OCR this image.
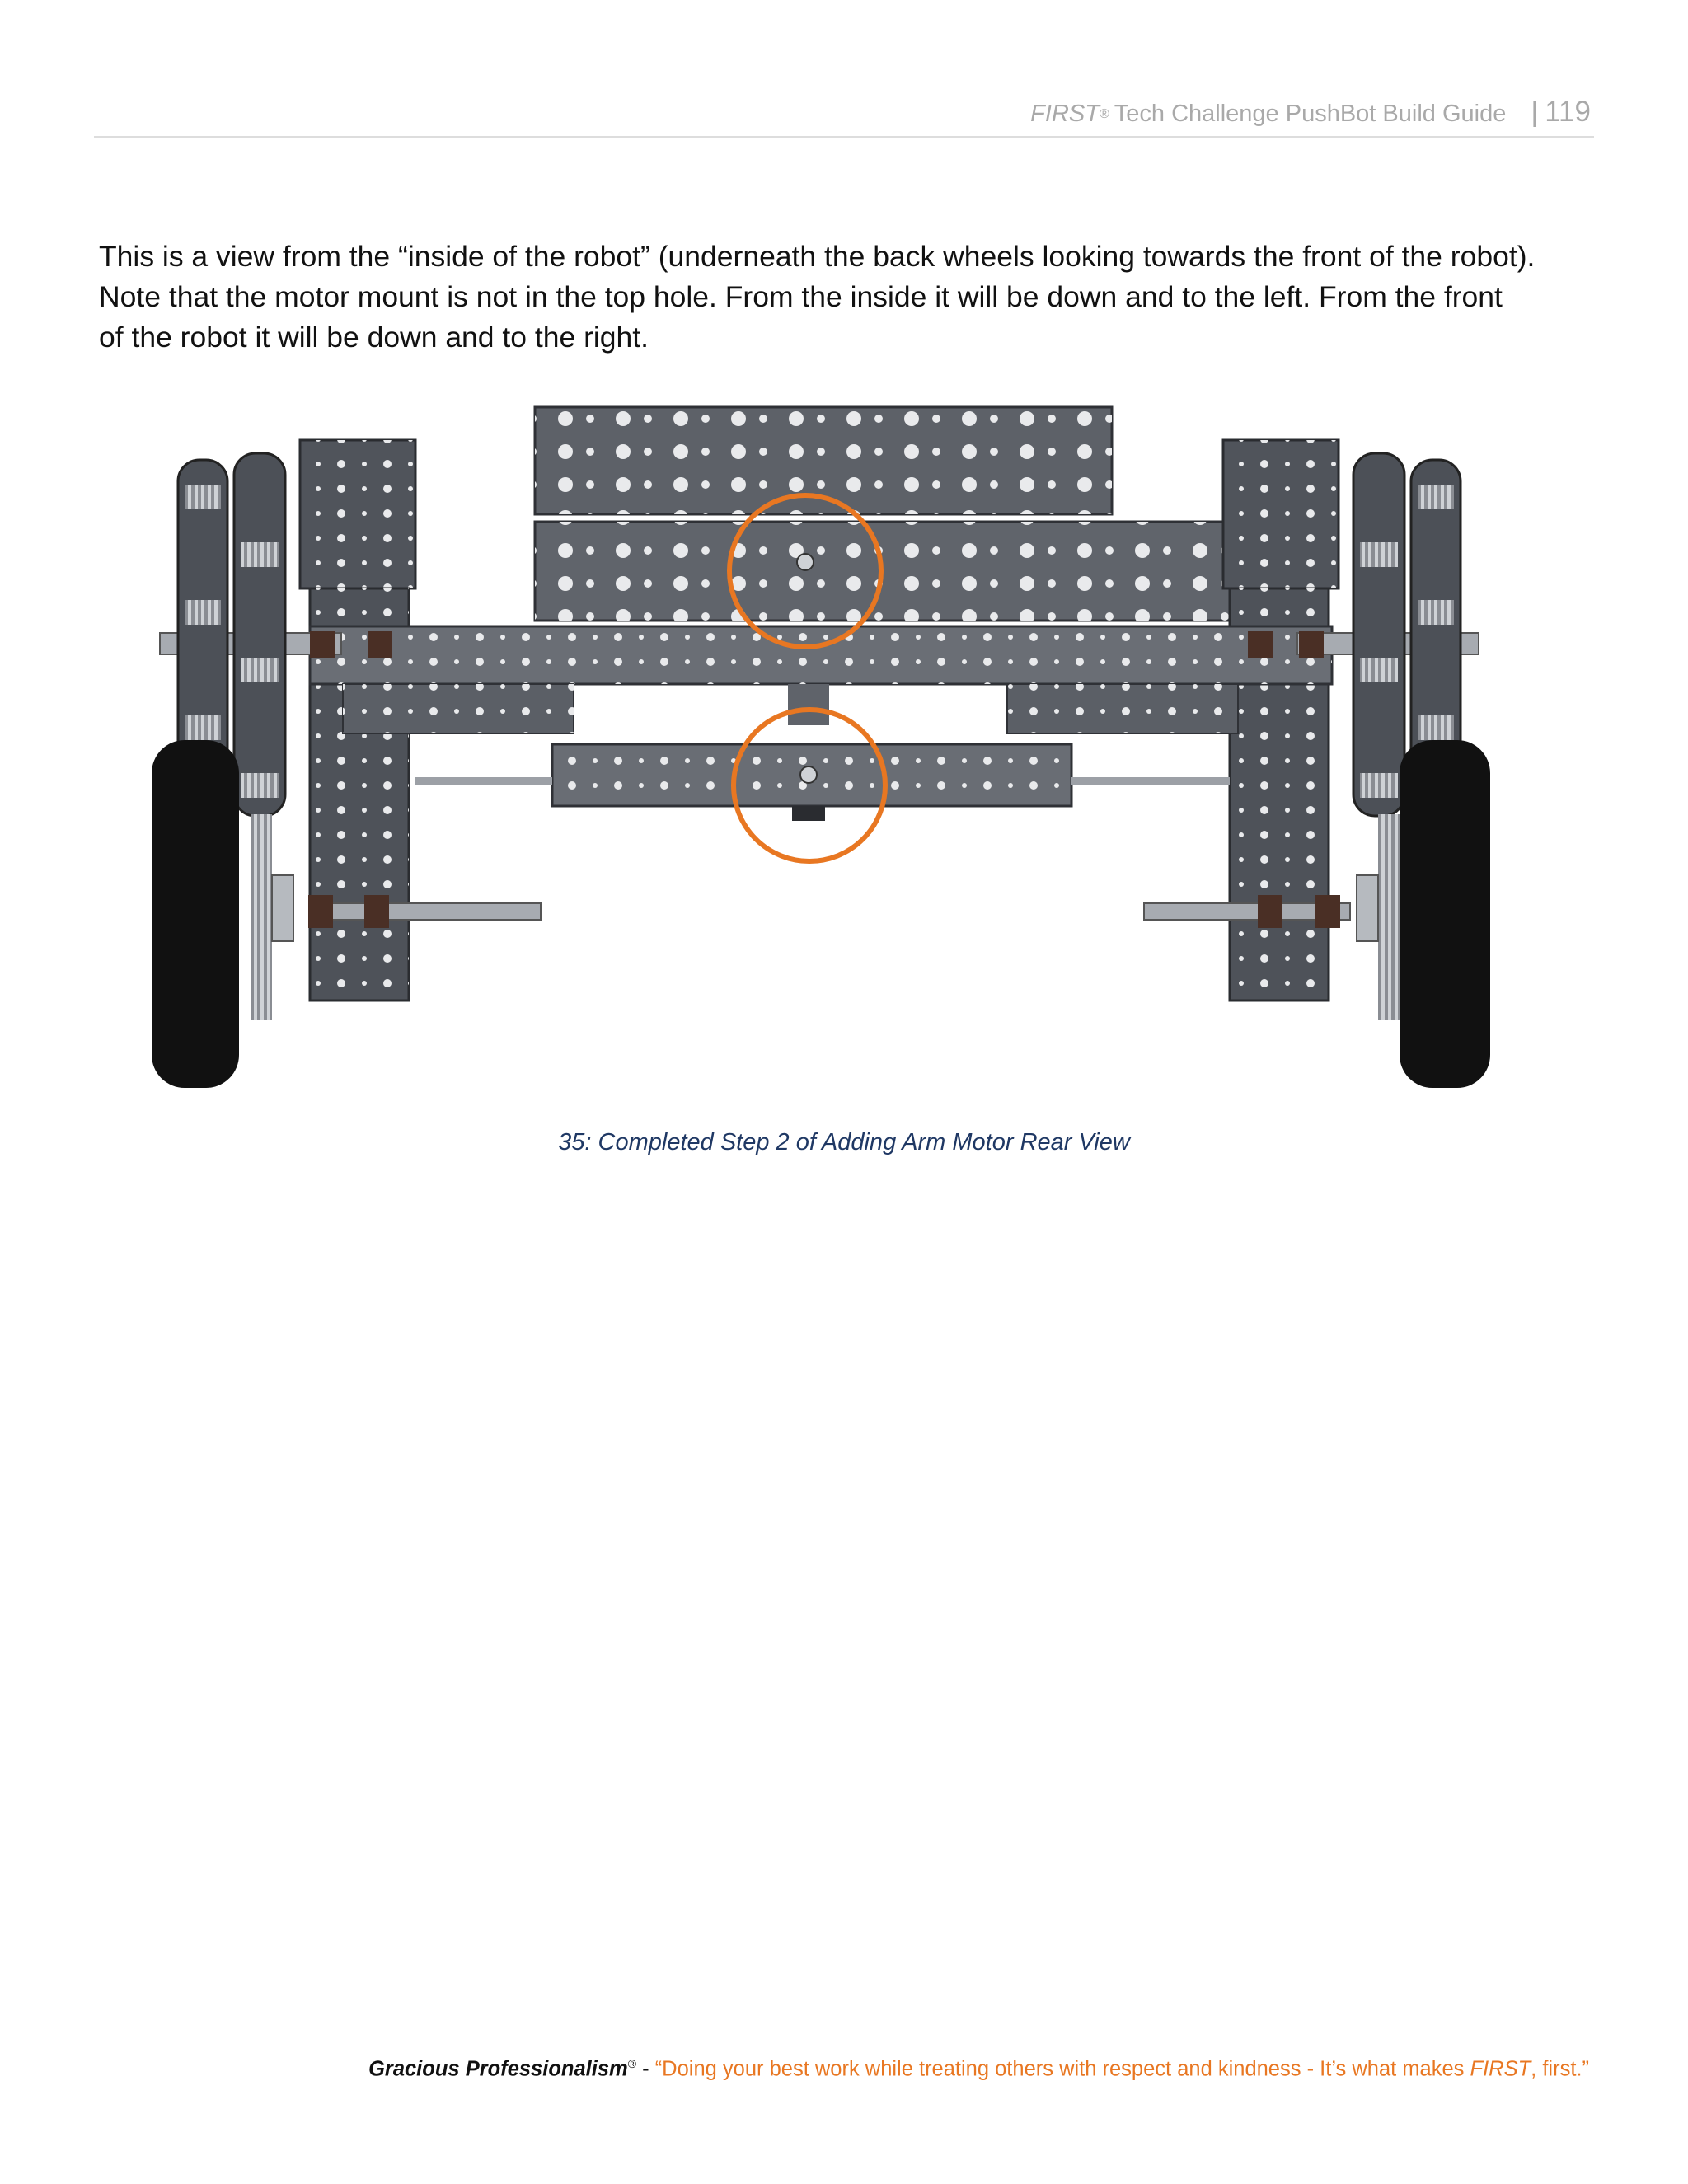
FIRST® Tech Challenge PushBot Build Guide | 119

This is a view from the “inside of the robot” (underneath the back wheels looking towards the front of the robot).

Note that the motor mount is not in the top hole. From the inside it will be down and to the left. From the front

of the robot it will be down and to the right.

35: Completed Step 2 of Adding Arm Motor Rear View
Gracious Professionalism® - “Doing your best work while treating others with respect and kindness - It’s what makes FIRST, first.”
